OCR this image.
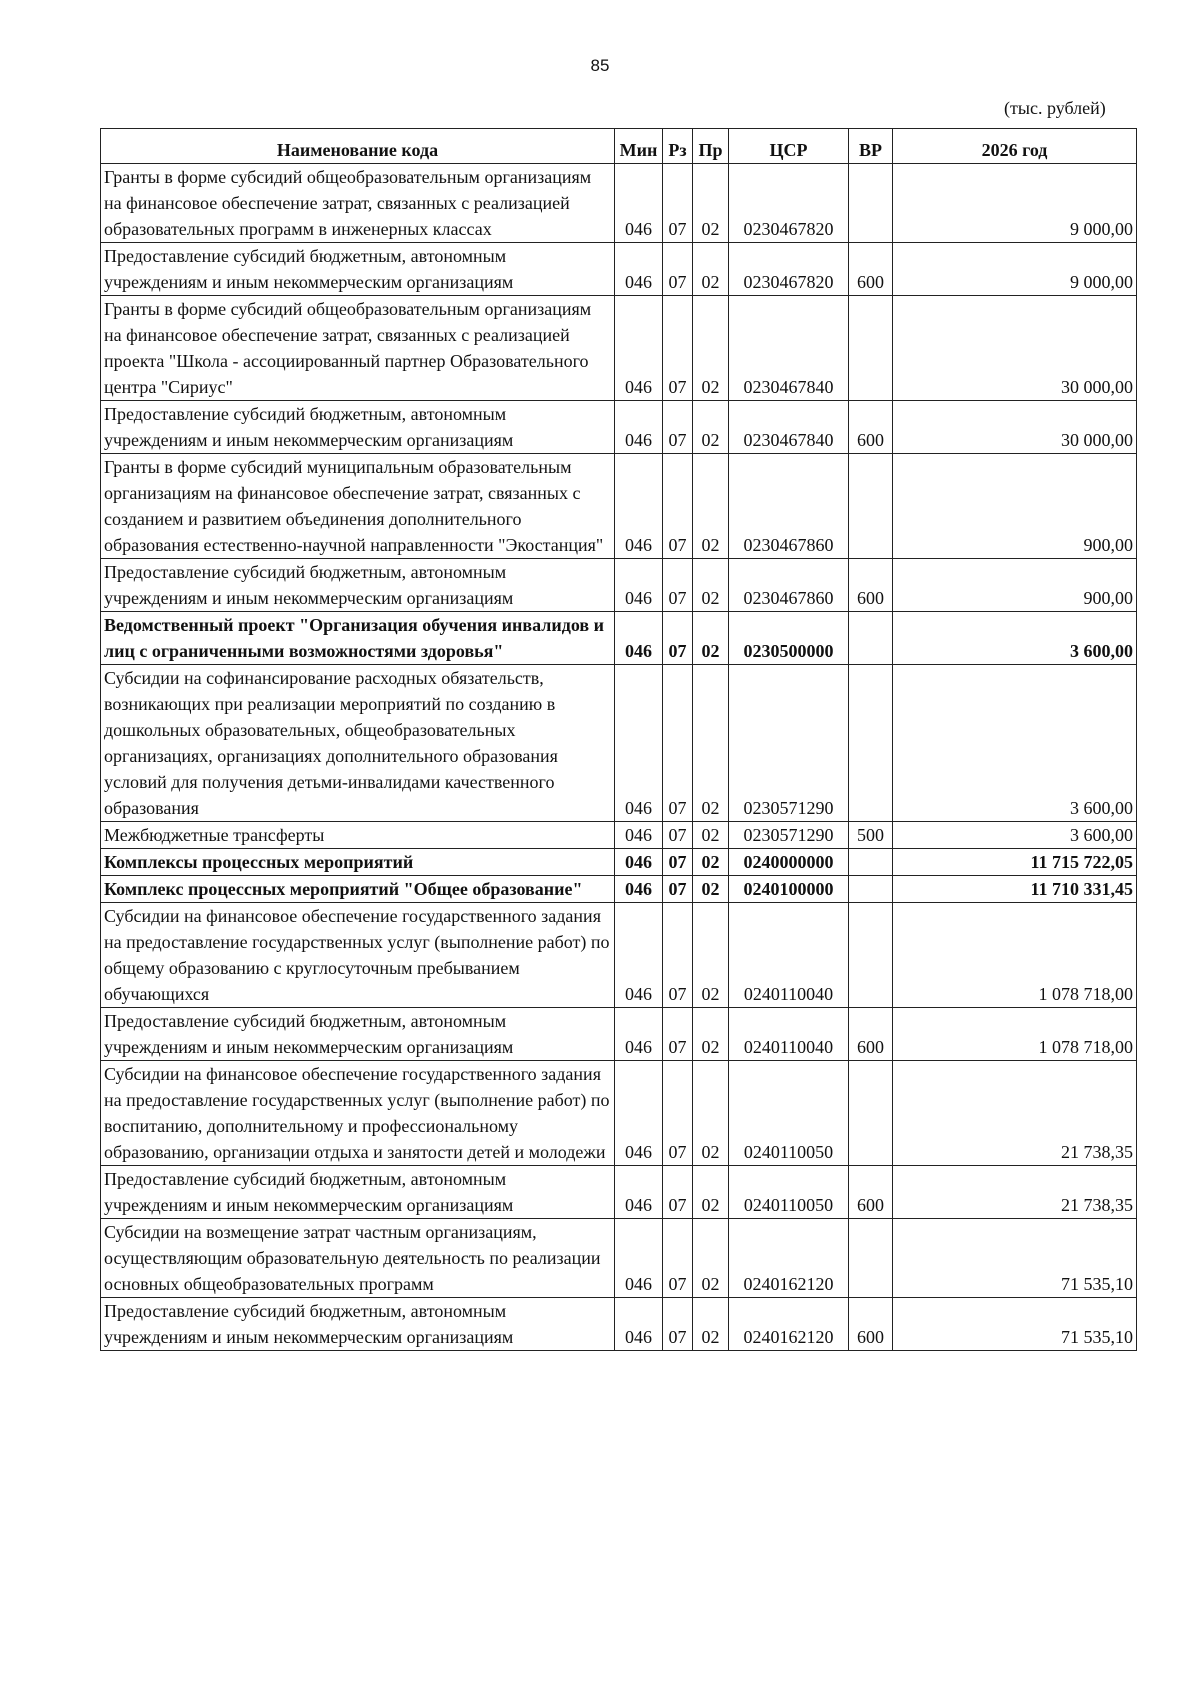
85
(тыс. рублей)
Наименование кода	Мин	Рз	Пр	ЦСР	ВР	2026 год
Гранты в форме субсидий общеобразовательным организациям на финансовое обеспечение затрат, связанных с реализацией образовательных программ в инженерных классах	046	07	02	0230467820		9 000,00
Предоставление субсидий бюджетным, автономным учреждениям и иным некоммерческим организациям	046	07	02	0230467820	600	9 000,00
Гранты в форме субсидий общеобразовательным организациям на финансовое обеспечение затрат, связанных с реализацией проекта "Школа - ассоциированный партнер Образовательного центра "Сириус"	046	07	02	0230467840		30 000,00
Предоставление субсидий бюджетным, автономным учреждениям и иным некоммерческим организациям	046	07	02	0230467840	600	30 000,00
Гранты в форме субсидий муниципальным образовательным организациям на финансовое обеспечение затрат, связанных с созданием и развитием объединения дополнительного образования естественно-научной направленности "Экостанция"	046	07	02	0230467860		900,00
Предоставление субсидий бюджетным, автономным учреждениям и иным некоммерческим организациям	046	07	02	0230467860	600	900,00
Ведомственный проект "Организация обучения инвалидов и лиц с ограниченными возможностями здоровья"	046	07	02	0230500000		3 600,00
Субсидии на софинансирование расходных обязательств, возникающих при реализации мероприятий по созданию в дошкольных образовательных, общеобразовательных организациях, организациях дополнительного образования условий для получения детьми-инвалидами качественного образования	046	07	02	0230571290		3 600,00
Межбюджетные трансферты	046	07	02	0230571290	500	3 600,00
Комплексы процессных мероприятий	046	07	02	0240000000		11 715 722,05
Комплекс процессных мероприятий "Общее образование"	046	07	02	0240100000		11 710 331,45
Субсидии на финансовое обеспечение государственного задания на предоставление государственных услуг (выполнение работ) по общему образованию с круглосуточным пребыванием обучающихся	046	07	02	0240110040		1 078 718,00
Предоставление субсидий бюджетным, автономным учреждениям и иным некоммерческим организациям	046	07	02	0240110040	600	1 078 718,00
Субсидии на финансовое обеспечение государственного задания на предоставление государственных услуг (выполнение работ) по воспитанию, дополнительному и профессиональному образованию, организации отдыха и занятости детей и молодежи	046	07	02	0240110050		21 738,35
Предоставление субсидий бюджетным, автономным учреждениям и иным некоммерческим организациям	046	07	02	0240110050	600	21 738,35
Субсидии на возмещение затрат частным организациям, осуществляющим образовательную деятельность по реализации основных общеобразовательных программ	046	07	02	0240162120		71 535,10
Предоставление субсидий бюджетным, автономным учреждениям и иным некоммерческим организациям	046	07	02	0240162120	600	71 535,10
